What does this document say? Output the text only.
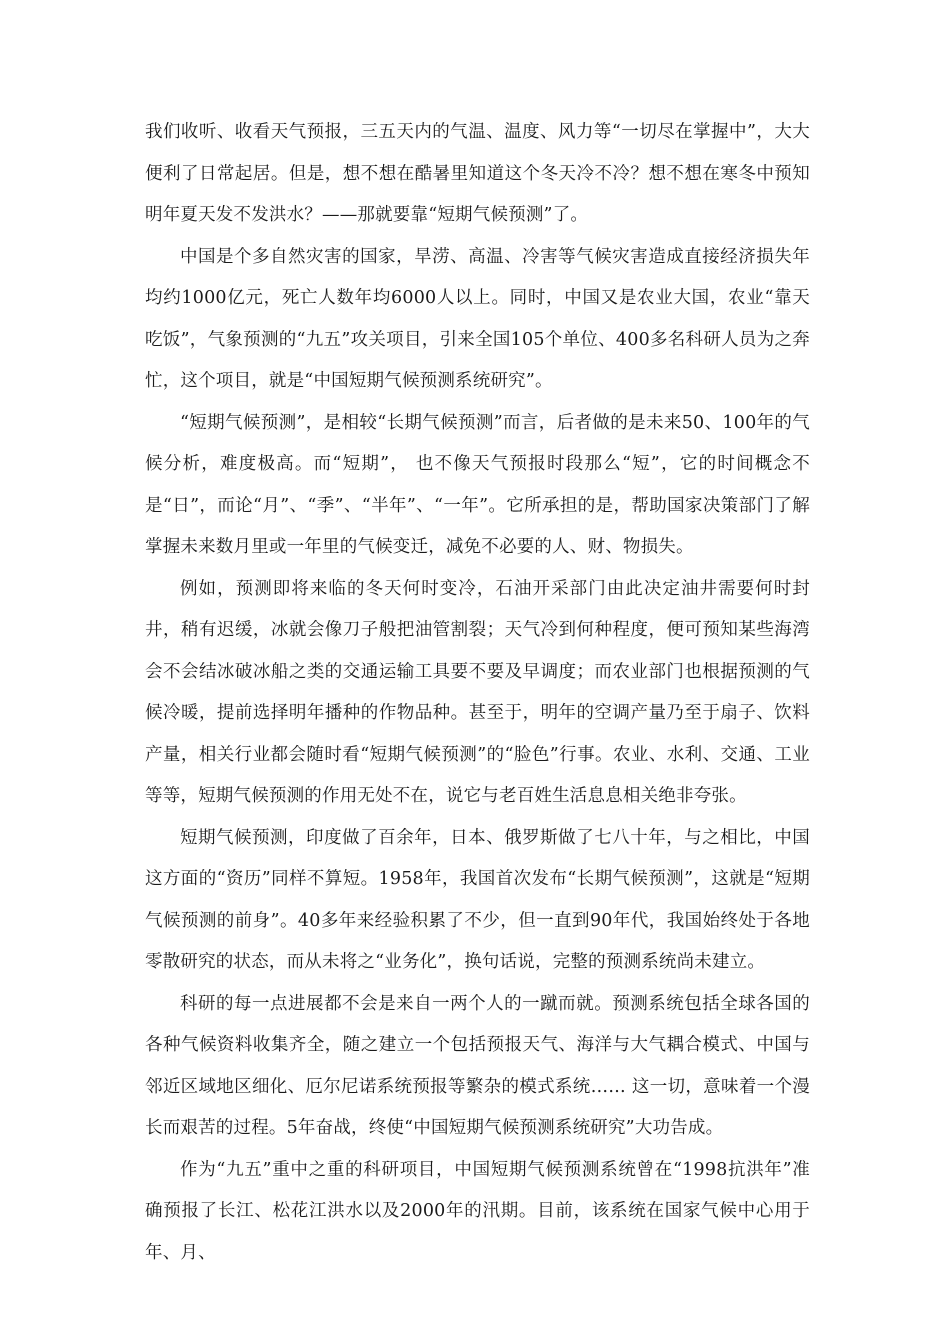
我们收听、收看天气预报，三五天内的气温、温度、风力等“一切尽在掌握中”，大大便利了日常起居。但是，想不想在酷暑里知道这个冬天冷不冷？想不想在寒冬中预知明年夏天发不发洪水？——那就要靠“短期气候预测”了。

中国是个多自然灾害的国家，旱涝、高温、冷害等气候灾害造成直接经济损失年均约1000亿元，死亡人数年均6000人以上。同时，中国又是农业大国，农业“靠天吃饭”，气象预测的“九五”攻关项目，引来全国105个单位、400多名科研人员为之奔忙，这个项目，就是“中国短期气候预测系统研究”。

“短期气候预测”，是相较“长期气候预测”而言，后者做的是未来50、100年的气候分析，难度极高。而“短期”， 也不像天气预报时段那么“短”，它的时间概念不是“日”，而论“月”、“季”、“半年”、“一年”。它所承担的是，帮助国家决策部门了解掌握未来数月里或一年里的气候变迁，减免不必要的人、财、物损失。

例如，预测即将来临的冬天何时变冷，石油开采部门由此决定油井需要何时封井，稍有迟缓，冰就会像刀子般把油管割裂；天气冷到何种程度，便可预知某些海湾会不会结冰破冰船之类的交通运输工具要不要及早调度；而农业部门也根据预测的气候冷暖，提前选择明年播种的作物品种。甚至于，明年的空调产量乃至于扇子、饮料产量，相关行业都会随时看“短期气候预测”的“脸色”行事。农业、水利、交通、工业等等，短期气候预测的作用无处不在，说它与老百姓生活息息相关绝非夸张。

短期气候预测，印度做了百余年，日本、俄罗斯做了七八十年，与之相比，中国这方面的“资历”同样不算短。1958年，我国首次发布“长期气候预测”，这就是“短期气候预测的前身”。40多年来经验积累了不少，但一直到90年代，我国始终处于各地零散研究的状态，而从未将之“业务化”，换句话说，完整的预测系统尚未建立。

科研的每一点进展都不会是来自一两个人的一蹴而就。预测系统包括全球各国的各种气候资料收集齐全，随之建立一个包括预报天气、海洋与大气耦合模式、中国与邻近区域地区细化、厄尔尼诺系统预报等繁杂的模式系统…… 这一切，意味着一个漫长而艰苦的过程。5年奋战，终使“中国短期气候预测系统研究”大功告成。

作为“九五”重中之重的科研项目，中国短期气候预测系统曾在“1998抗洪年”准确预报了长江、松花江洪水以及2000年的汛期。目前，该系统在国家气候中心用于年、月、
